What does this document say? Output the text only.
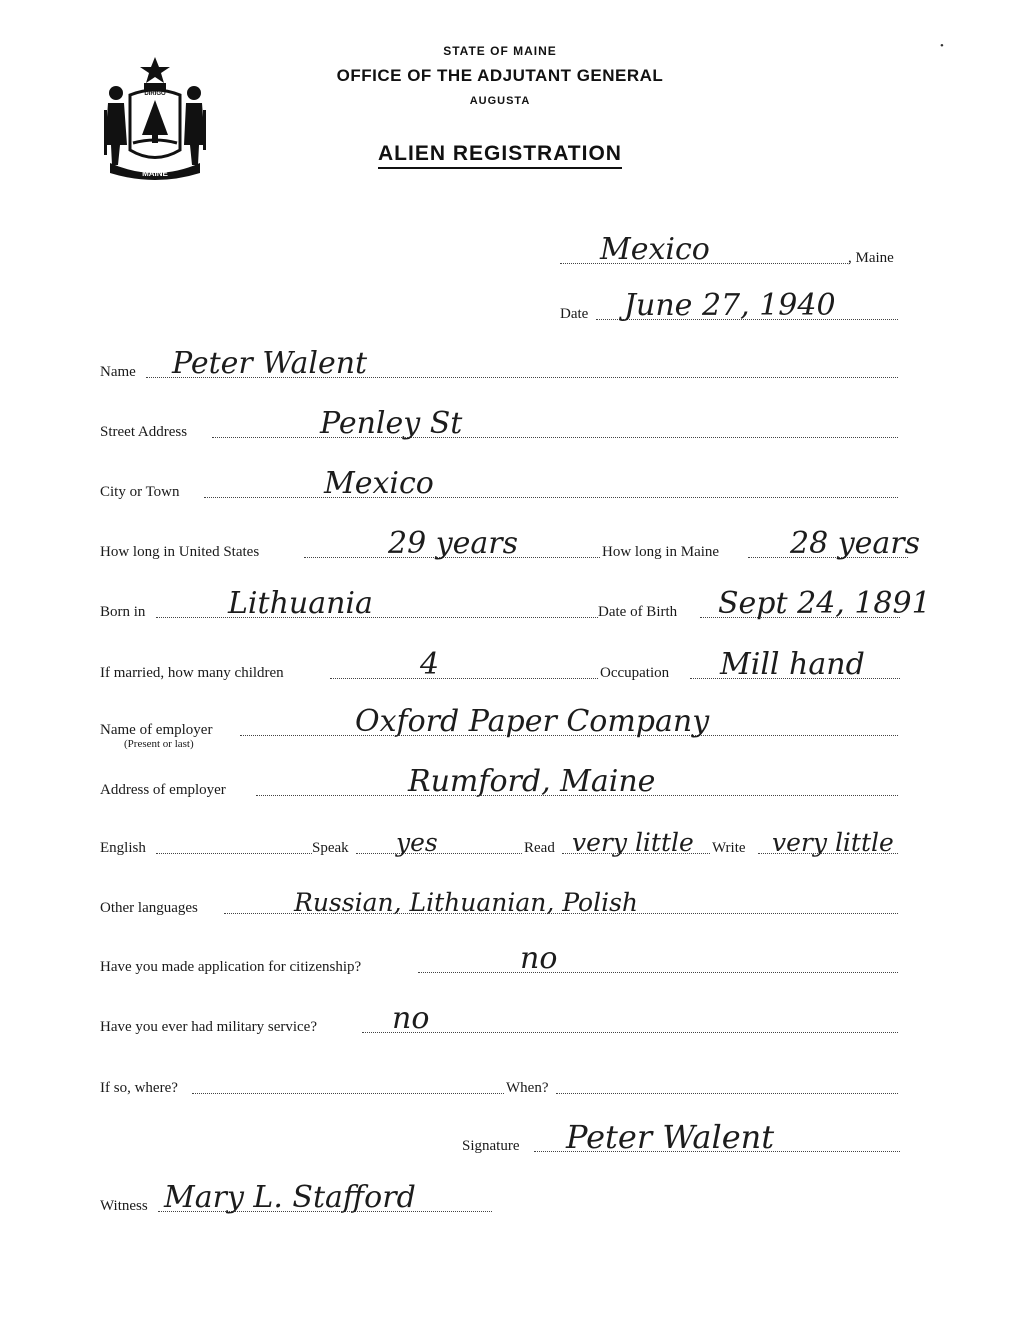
MAINE
DIRIGO
STATE OF MAINE
OFFICE OF THE ADJUTANT GENERAL
AUGUSTA
ALIEN REGISTRATION
•
Mexico	, Maine
Date June 27, 1940
Name Peter Walent
Street Address	Penley St
City or Town	Mexico
How long in United States	29 years	How long in Maine 28 years
Born in	Lithuania	Date of Birth Sept 24, 1891
If married, how many children	4	Occupation Mill hand
Name of employer	Oxford Paper Company
(Present or last)
Address of employer	Rumford, Maine
English	Speak yes	Read very little Write very little
Other languages	Russian, Lithuanian, Polish
Have you made application for citizenship?	no
Have you ever had military service?	no
If so, where?	When?
Signature Peter Walent
Witness Mary L. Stafford
